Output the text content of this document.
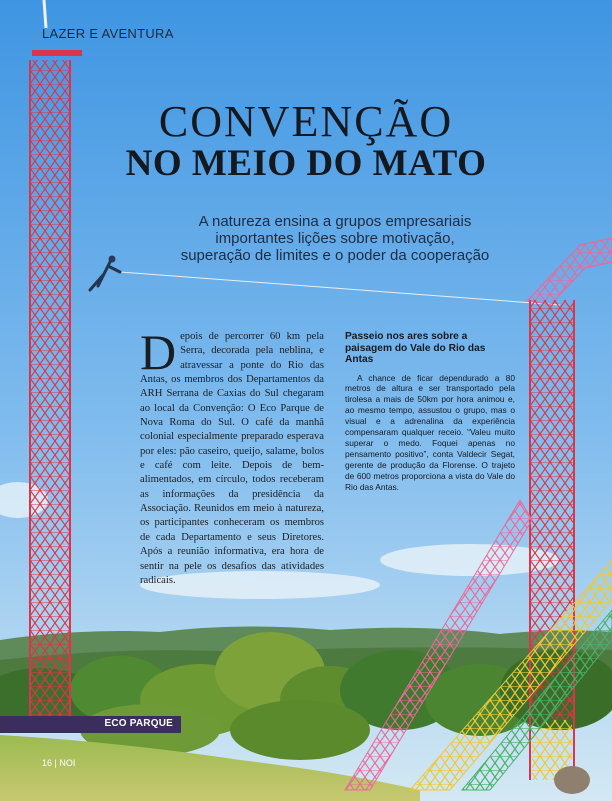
LAZER E AVENTURA

CONVENÇÃO
NO MEIO DO MATO
A natureza ensina a grupos empresariais
importantes lições sobre motivação,
superação de limites e o poder da cooperação
D epois de percorrer 60 km pela Serra, decorada pela neblina, e atravessar a ponte do Rio das Antas, os membros dos Departamentos da ARH Serrana de Caxias do Sul chegaram ao local da Convenção: O Eco Parque de Nova Roma do Sul. O café da manhã colonial especialmente preparado esperava por eles: pão caseiro, queijo, salame, bolos e café com leite. Depois de bem-alimentados, em círculo, todos receberam as informações da presidência da Associação. Reunidos em meio à natureza, os participantes conheceram os membros de cada Departamento e seus Diretores. Após a reunião informativa, era hora de sentir na pele os desafios das atividades radicais.

Passeio nos ares sobre a paisagem do Vale do Rio das Antas

A chance de ficar dependurado a 80 metros de altura e ser transportado pela tirolesa a mais de 50km por hora animou e, ao mesmo tempo, assustou o grupo, mas o visual e a adrenalina da experiência compensaram qualquer receio. “Valeu muito superar o medo. Foquei apenas no pensamento positivo”, conta Valdecir Segat, gerente de produção da Florense. O trajeto de 600 metros proporciona a vista do Vale do Rio das Antas.

ECO PARQUE
16 | NOI
